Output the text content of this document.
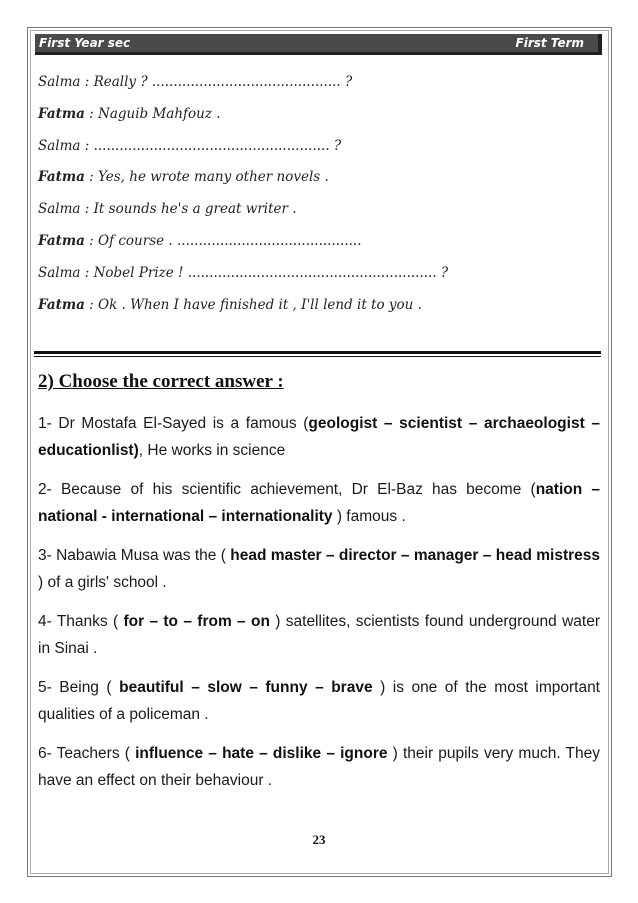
First Year sec	First Term
Salma : Really ? ............................................ ?
Fatma : Naguib Mahfouz .
Salma : ....................................................... ?
Fatma : Yes, he wrote many other novels .
Salma : It sounds he's a great writer .
Fatma : Of course . ...........................................
Salma : Nobel Prize ! .......................................................... ?
Fatma : Ok . When I have finished it , I'll lend it to you .
2) Choose the correct answer :
1- Dr Mostafa El-Sayed is a famous (geologist – scientist – archaeologist – educationlist), He works in science
2- Because of his scientific achievement, Dr El-Baz has become (nation – national - international – internationality ) famous .
3- Nabawia Musa was the ( head master – director – manager – head mistress ) of a girls' school .
4- Thanks ( for – to – from – on ) satellites, scientists found underground water in Sinai .
5- Being ( beautiful – slow – funny – brave ) is one of the most important qualities of a policeman .
6- Teachers ( influence – hate – dislike – ignore ) their pupils very much. They have an effect on their behaviour .
23
